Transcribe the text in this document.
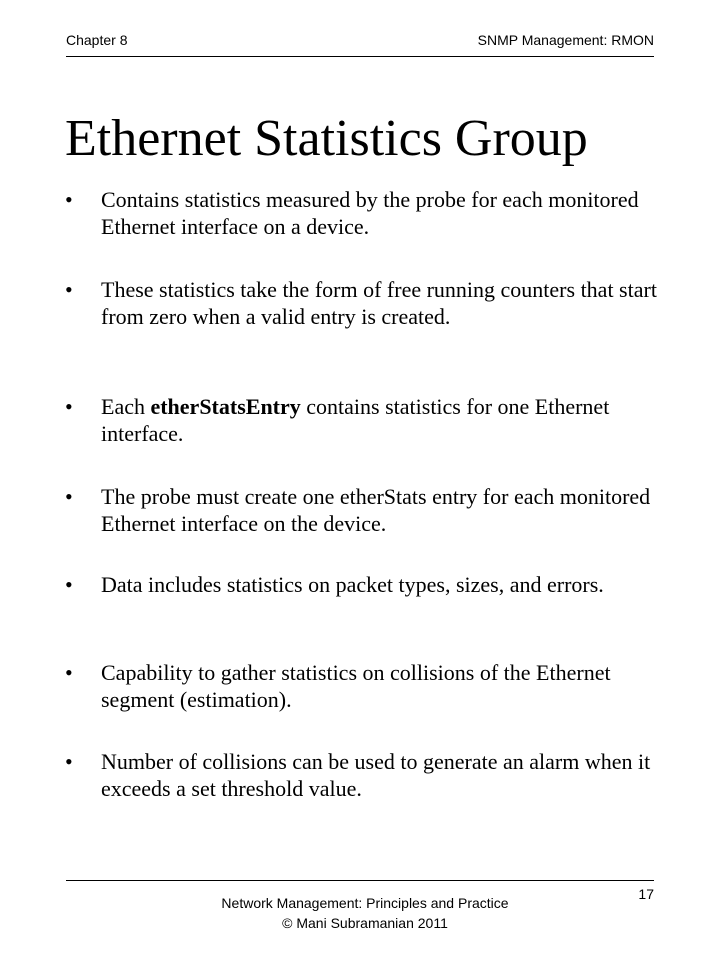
Chapter 8	SNMP Management: RMON
Ethernet Statistics Group
•	Contains statistics measured by the probe for each monitored Ethernet interface on a device.
•	These statistics take the form of free running counters that start from zero when a valid entry is created.
•	Each etherStatsEntry contains statistics for one Ethernet interface.
•	The probe must create one etherStats entry for each monitored Ethernet interface on the device.
•	Data includes statistics on packet types, sizes, and errors.
•	Capability to gather statistics on collisions of the Ethernet segment (estimation).
•	Number of collisions can be used to generate an alarm when it exceeds a set threshold value.
Network Management: Principles and Practice
© Mani Subramanian 2011
17
